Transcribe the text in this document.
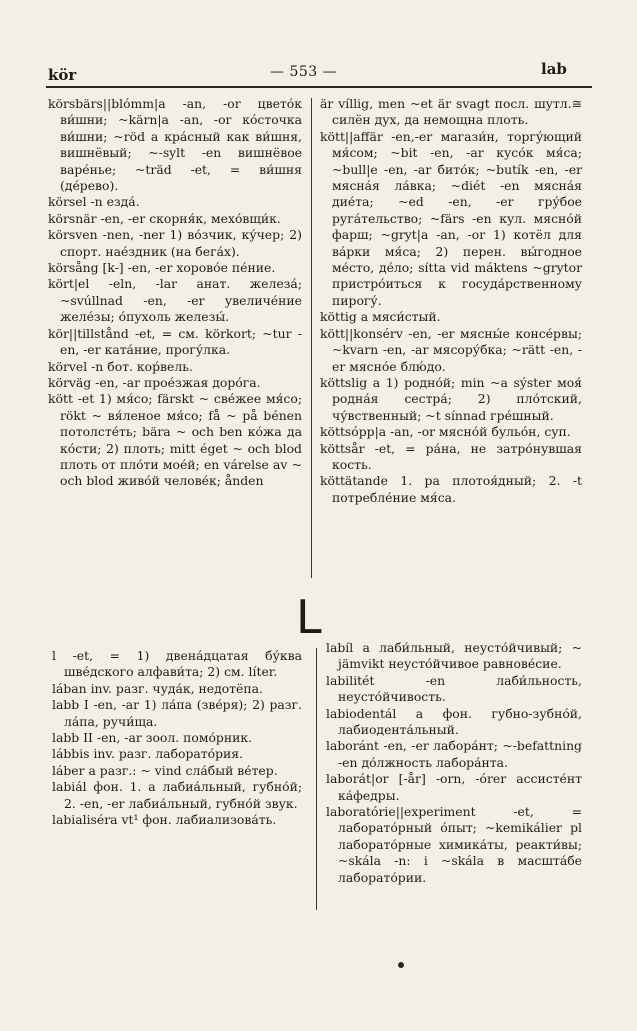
kör	— 553 —	lab

körsbärs||blómm|a -an, -or цвето́к ви́шни; ~kärn|a -an, -or ко́сточка ви́шни; ~röd a кра́сный как ви́шня, вишнёвый; ~-sylt -en вишнёвое варе́нье; ~träd -et, = ви́шня (де́рево).

körsel -n езда́.

körsnär -en, -er скорня́к, мехо́вщи́к.

körsven -nen, -ner 1) во́зчик, ку́чер; 2) спорт. нае́здник (на бега́х).

körsång [k-] -en, -er хорово́е пе́ние.

kört|el -eln, -lar анат. железа́; ~svúllnad -en, -er увеличе́ние желе́зы; о́пухоль железы́.

kör||tillstånd -et, = см. körkort; ~tur -en, -er ката́ние, прогу́лка.

körvel -n бот. кор́вель.

körväg -en, -ar прое́зжая доро́га.

kött -et 1) мя́со; färskt ~ све́жее мя́со; rökt ~ вя́леное мя́со; få ~ på bénen потолсте́ть; bära ~ och ben ко́жа да ко́сти; 2) плоть; mitt éget ~ och blod плоть от пло́ти мое́й; en várelse av ~ och blod живо́й челове́к; ånden

är víllig, men ~et är svagt посл. шутл.≅ силён дух, да немощна плоть.

kött||affär -en,-er магази́н, торгу́ющий мя́сом; ~bit -en, -ar кусо́к мя́са; ~bull|e -en, -ar бито́к; ~butík -en, -er мясна́я ла́вка; ~diét -en мясна́я дие́та; ~ed -en, -er гру́бое руга́тельство; ~färs -en кул. мясно́й фарш; ~gryt|a -an, -or 1) котёл для ва́рки мя́са; 2) перен. вы́годное ме́сто, де́ло; sítta vid máktens ~grytor пристро́иться к госуда́рственному пирогу́.

köttig a мяси́стый.

kött||konsérv -en, -er мясны́е консе́рвы; ~kvarn -en, -ar мясору́бка; ~rätt -en, -er мясно́е блю́до.

köttslig a 1) родно́й; min ~a sýster моя́ родна́я сестра́; 2) пло́тский, чу́вственный; ~t sínnad гре́шный.

köttsópp|a -an, -or мясно́й бульо́н, суп.

köttsår -et, = ра́на, не затро́нувшая кость.

köttätande 1. pa плотоя́дный; 2. -t потребле́ние мя́са.

L

l -et, = 1) двена́дцатая бу́ква шве́дского алфави́та; 2) см. líter.

lában inv. разг. чуда́к, недотёпа.

labb I -en, -ar 1) ла́па (зве́ря); 2) разг. ла́па, ручи́ща.

labb II -en, -ar зоол. помо́рник.

lábbis inv. разг. лаборато́рия.

láber a разг.: ~ vind сла́бый ве́тер.

labiál фон. 1. a лабиа́льный, губно́й; 2. -en, -er лабиа́льный, губно́й звук.

labialiséra vt¹ фон. лабиализова́ть.

labíl a лаби́льный, неусто́йчивый; ~ jämvikt неусто́йчивое равнове́сие.

labilitét -en лаби́льность, неусто́йчивость.

labiodentál a фон. губно-зубно́й, лабиодента́льный.

laboránt -en, -er лабора́нт; ~-befattning -en до́лжность лабора́нта.

laborát|or [-år] -orn, -órer ассисте́нт ка́федры.

laboratórie||experiment -et, = лаборато́рный о́пыт; ~kemikálier pl лаборато́рные химика́ты, реакти́вы; ~skála -n: i ~skála в масшта́бе лаборато́рии.
